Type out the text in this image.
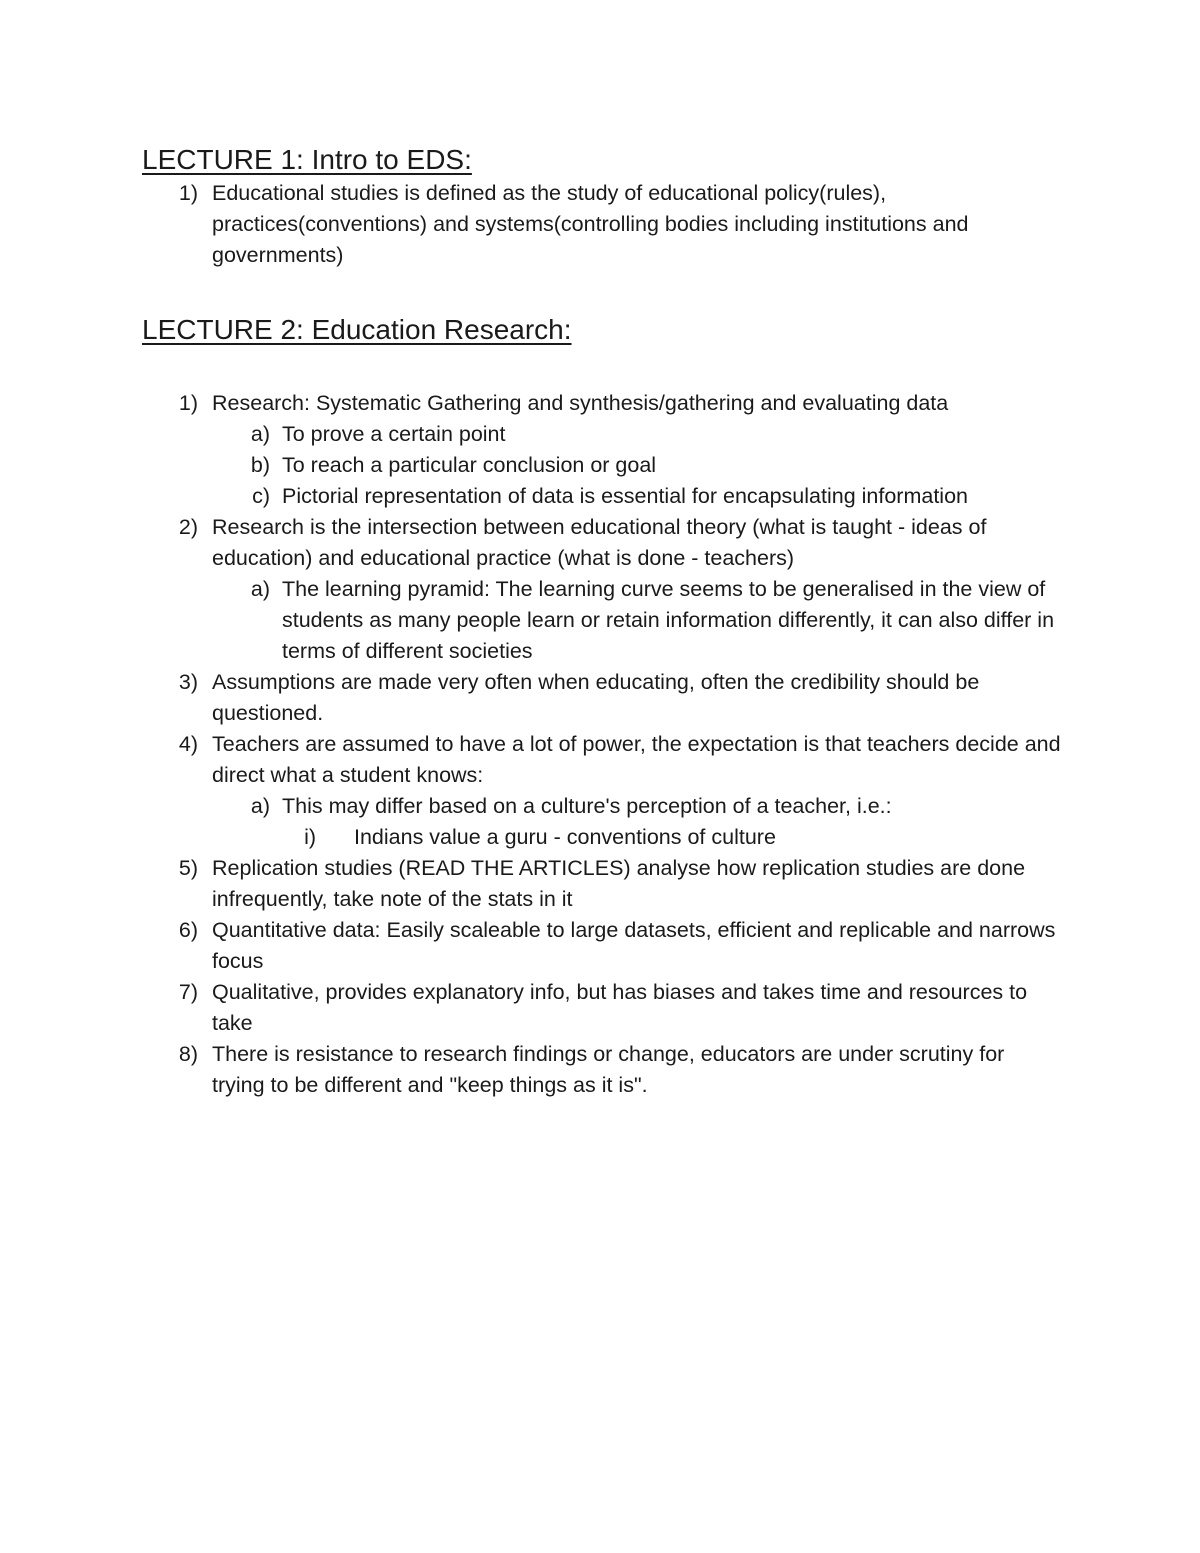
LECTURE 1: Intro to EDS:
1) Educational studies is defined as the study of educational policy(rules), practices(conventions) and systems(controlling bodies including institutions and governments)
LECTURE 2: Education Research:
1) Research: Systematic Gathering and synthesis/gathering and evaluating data
a) To prove a certain point
b) To reach a particular conclusion or goal
c) Pictorial representation of data is essential for encapsulating information
2) Research is the intersection between educational theory (what is taught - ideas of education) and educational practice (what is done - teachers)
a) The learning pyramid: The learning curve seems to be generalised in the view of students as many people learn or retain information differently, it can also differ in terms of different societies
3) Assumptions are made very often when educating, often the credibility should be questioned.
4) Teachers are assumed to have a lot of power, the expectation is that teachers decide and direct what a student knows:
a) This may differ based on a culture's perception of a teacher, i.e.:
i) Indians value a guru - conventions of culture
5) Replication studies (READ THE ARTICLES) analyse how replication studies are done infrequently, take note of the stats in it
6) Quantitative data: Easily scaleable to large datasets, efficient and replicable and narrows focus
7) Qualitative, provides explanatory info, but has biases and takes time and resources to take
8) There is resistance to research findings or change, educators are under scrutiny for trying to be different and "keep things as it is".
